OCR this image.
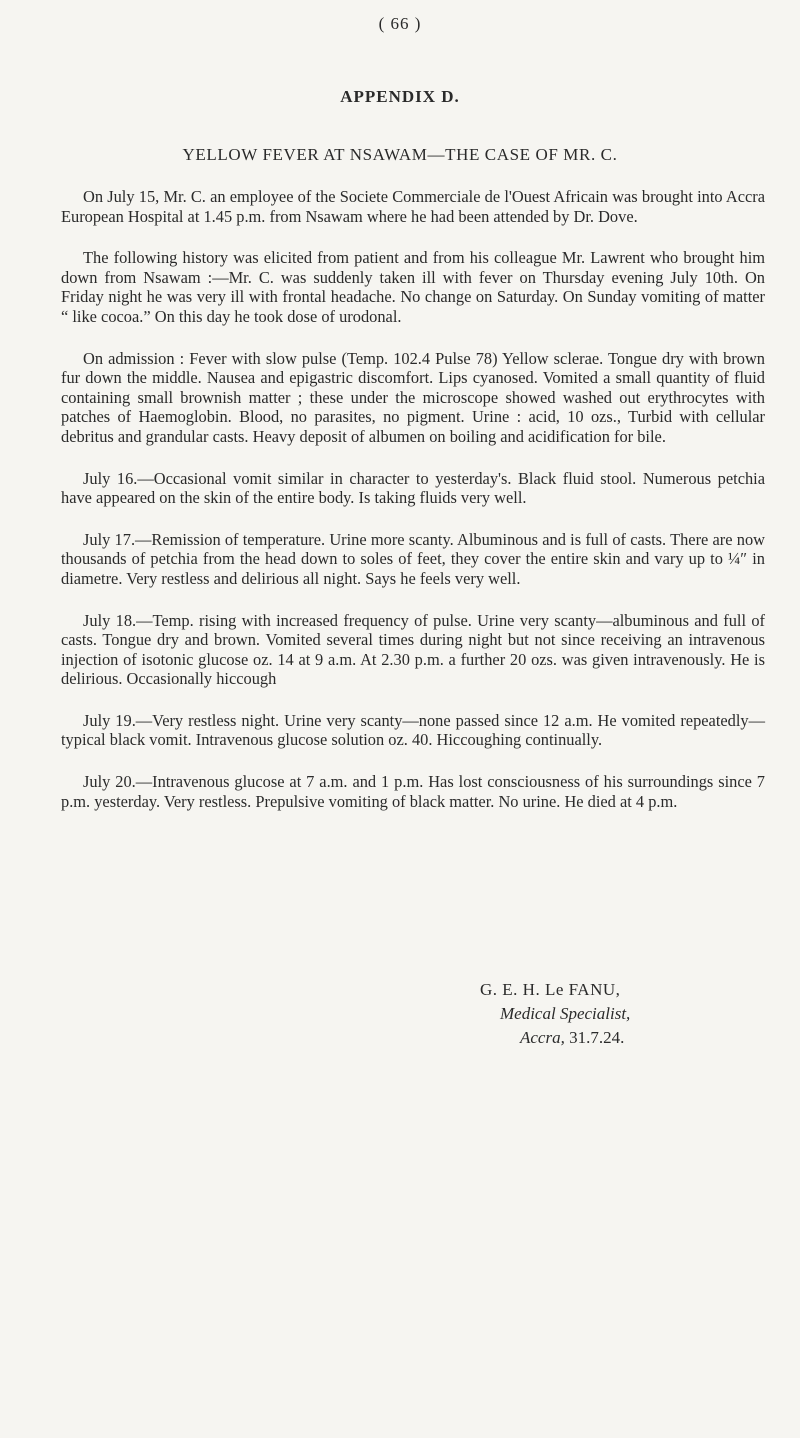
( 66 )
APPENDIX D.
YELLOW FEVER AT NSAWAM—THE CASE OF MR. C.

On July 15, Mr. C. an employee of the Societe Commerciale de l'Ouest Africain was brought into Accra European Hospital at 1.45 p.m. from Nsawam where he had been attended by Dr. Dove.

The following history was elicited from patient and from his colleague Mr. Lawrent who brought him down from Nsawam :—Mr. C. was suddenly taken ill with fever on Thursday evening July 10th. On Friday night he was very ill with frontal headache. No change on Saturday. On Sunday vomiting of matter “ like cocoa.” On this day he took dose of urodonal.

On admission : Fever with slow pulse (Temp. 102.4 Pulse 78) Yellow sclerae. Tongue dry with brown fur down the middle. Nausea and epigastric discomfort. Lips cyanosed. Vomited a small quantity of fluid containing small brownish matter ; these under the microscope showed washed out erythrocytes with patches of Haemoglobin. Blood, no parasites, no pigment. Urine : acid, 10 ozs., Turbid with cellular debritus and grandular casts. Heavy deposit of albumen on boiling and acidification for bile.

July 16.—Occasional vomit similar in character to yesterday's. Black fluid stool. Numerous petchia have appeared on the skin of the entire body. Is taking fluids very well.

July 17.—Remission of temperature. Urine more scanty. Albuminous and is full of casts. There are now thousands of petchia from the head down to soles of feet, they cover the entire skin and vary up to ¼″ in diametre. Very restless and delirious all night. Says he feels very well.

July 18.—Temp. rising with increased frequency of pulse. Urine very scanty—albuminous and full of casts. Tongue dry and brown. Vomited several times during night but not since receiving an intravenous injection of isotonic glucose oz. 14 at 9 a.m. At 2.30 p.m. a further 20 ozs. was given intravenously. He is delirious. Occasionally hiccough

July 19.—Very restless night. Urine very scanty—none passed since 12 a.m. He vomited repeatedly—typical black vomit. Intravenous glucose solution oz. 40. Hiccoughing continually.

July 20.—Intravenous glucose at 7 a.m. and 1 p.m. Has lost consciousness of his surroundings since 7 p.m. yesterday. Very restless. Prepulsive vomiting of black matter. No urine. He died at 4 p.m.

G. E. H. Le FANU,
Medical Specialist,
Accra, 31.7.24.
